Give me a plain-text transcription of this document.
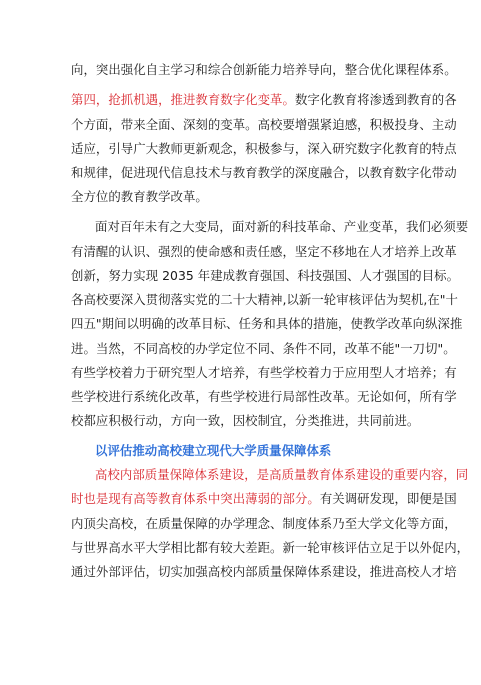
向，突出强化自主学习和综合创新能力培养导向，整合优化课程体系。
第四，抢抓机遇，推进教育数字化变革。数字化教育将渗透到教育的各
个方面，带来全面、深刻的变革。高校要增强紧迫感，积极投身、主动
适应，引导广大教师更新观念，积极参与，深入研究数字化教育的特点
和规律，促进现代信息技术与教育教学的深度融合，以教育数字化带动
全方位的教育教学改革。
面对百年未有之大变局，面对新的科技革命、产业变革，我们必须要
有清醒的认识、强烈的使命感和责任感，坚定不移地在人才培养上改革
创新，努力实现 2035 年建成教育强国、科技强国、人才强国的目标。
各高校要深入贯彻落实党的二十大精神,以新一轮审核评估为契机,在"十
四五"期间以明确的改革目标、任务和具体的措施，使教学改革向纵深推
进。当然，不同高校的办学定位不同、条件不同，改革不能"一刀切"。
有些学校着力于研究型人才培养，有些学校着力于应用型人才培养；有
些学校进行系统化改革，有些学校进行局部性改革。无论如何，所有学
校都应积极行动，方向一致，因校制宜，分类推进，共同前进。
以评估推动高校建立现代大学质量保障体系
高校内部质量保障体系建设，是高质量教育体系建设的重要内容，同
时也是现有高等教育体系中突出薄弱的部分。有关调研发现，即便是国
内顶尖高校，在质量保障的办学理念、制度体系乃至大学文化等方面，
与世界高水平大学相比都有较大差距。新一轮审核评估立足于以外促内，
通过外部评估，切实加强高校内部质量保障体系建设，推进高校人才培
